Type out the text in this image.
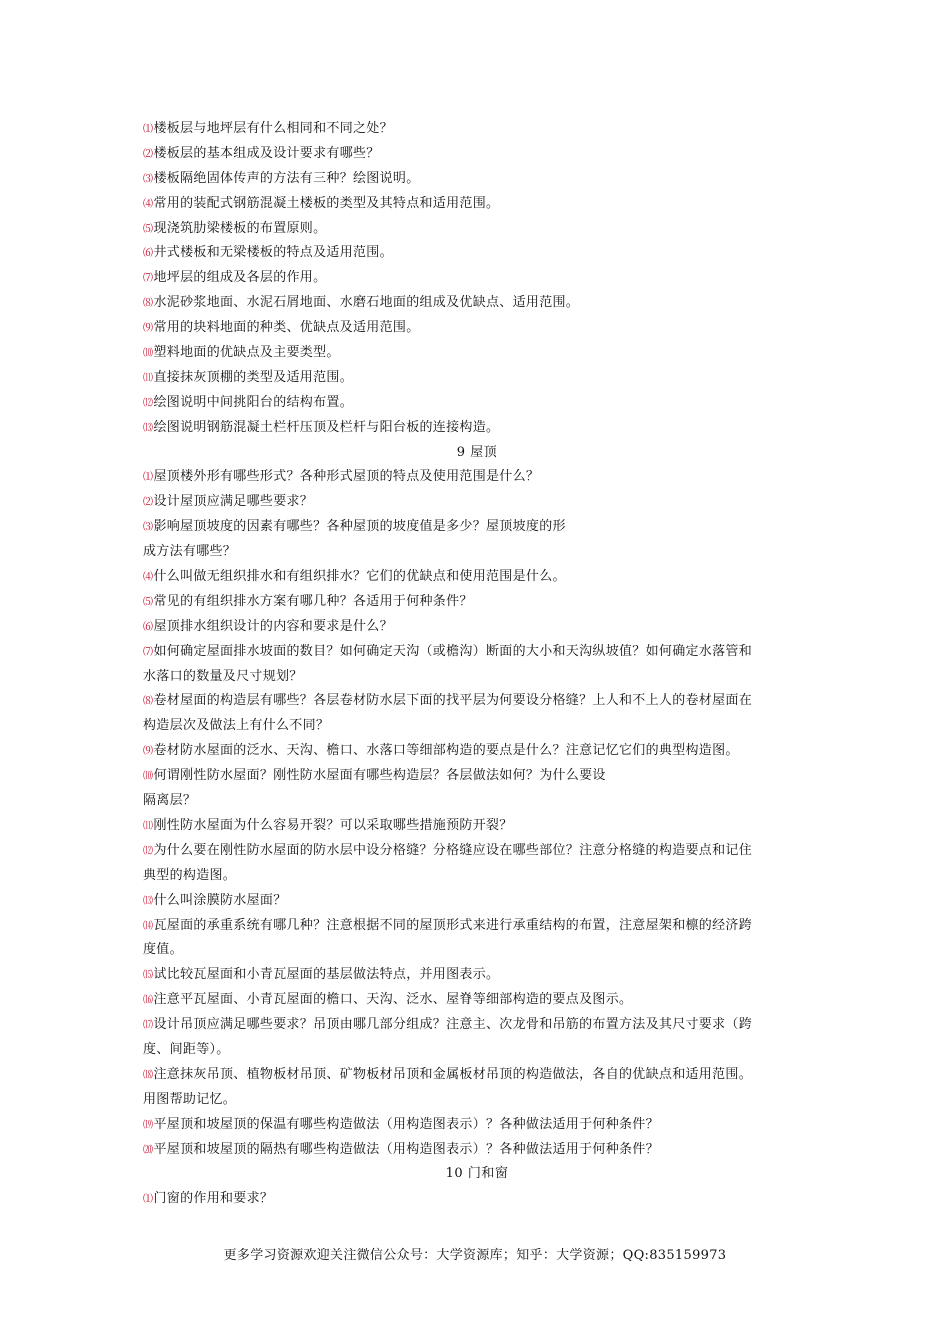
⑴楼板层与地坪层有什么相同和不同之处？
⑵楼板层的基本组成及设计要求有哪些？
⑶楼板隔绝固体传声的方法有三种？绘图说明。
⑷常用的装配式钢筋混凝土楼板的类型及其特点和适用范围。
⑸现浇筑肋梁楼板的布置原则。
⑹井式楼板和无梁楼板的特点及适用范围。
⑺地坪层的组成及各层的作用。
⑻水泥砂浆地面、水泥石屑地面、水磨石地面的组成及优缺点、适用范围。
⑼常用的块料地面的种类、优缺点及适用范围。
⑽塑料地面的优缺点及主要类型。
⑾直接抹灰顶棚的类型及适用范围。
⑿绘图说明中间挑阳台的结构布置。
⒀绘图说明钢筋混凝土栏杆压顶及栏杆与阳台板的连接构造。
9 屋顶
⑴屋顶楼外形有哪些形式？各种形式屋顶的特点及使用范围是什么？
⑵设计屋顶应满足哪些要求？
⑶影响屋顶坡度的因素有哪些？各种屋顶的坡度值是多少？屋顶坡度的形
成方法有哪些？
⑷什么叫做无组织排水和有组织排水？它们的优缺点和使用范围是什么。
⑸常见的有组织排水方案有哪几种？各适用于何种条件？
⑹屋顶排水组织设计的内容和要求是什么？
⑺如何确定屋面排水坡面的数目？如何确定天沟（或檐沟）断面的大小和天沟纵坡值？如何确定水落管和
水落口的数量及尺寸规划？
⑻卷材屋面的构造层有哪些？各层卷材防水层下面的找平层为何要设分格缝？上人和不上人的卷材屋面在
构造层次及做法上有什么不同？
⑼卷材防水屋面的泛水、天沟、檐口、水落口等细部构造的要点是什么？注意记忆它们的典型构造图。
⑽何谓刚性防水屋面？刚性防水屋面有哪些构造层？各层做法如何？为什么要设
隔离层？
⑾刚性防水屋面为什么容易开裂？可以采取哪些措施预防开裂？
⑿为什么要在刚性防水屋面的防水层中设分格缝？分格缝应设在哪些部位？注意分格缝的构造要点和记住
典型的构造图。
⒀什么叫涂膜防水屋面？
⒁瓦屋面的承重系统有哪几种？注意根据不同的屋顶形式来进行承重结构的布置，注意屋架和檩的经济跨
度值。
⒂试比较瓦屋面和小青瓦屋面的基层做法特点，并用图表示。
⒃注意平瓦屋面、小青瓦屋面的檐口、天沟、泛水、屋脊等细部构造的要点及图示。
⒄设计吊顶应满足哪些要求？吊顶由哪几部分组成？注意主、次龙骨和吊筋的布置方法及其尺寸要求（跨
度、间距等）。
⒅注意抹灰吊顶、植物板材吊顶、矿物板材吊顶和金属板材吊顶的构造做法，各自的优缺点和适用范围。
用图帮助记忆。
⒆平屋顶和坡屋顶的保温有哪些构造做法（用构造图表示）？各种做法适用于何种条件？
⒇平屋顶和坡屋顶的隔热有哪些构造做法（用构造图表示）？各种做法适用于何种条件？
10 门和窗
⑴门窗的作用和要求？
更多学习资源欢迎关注微信公众号：大学资源库；知乎：大学资源；QQ:835159973
